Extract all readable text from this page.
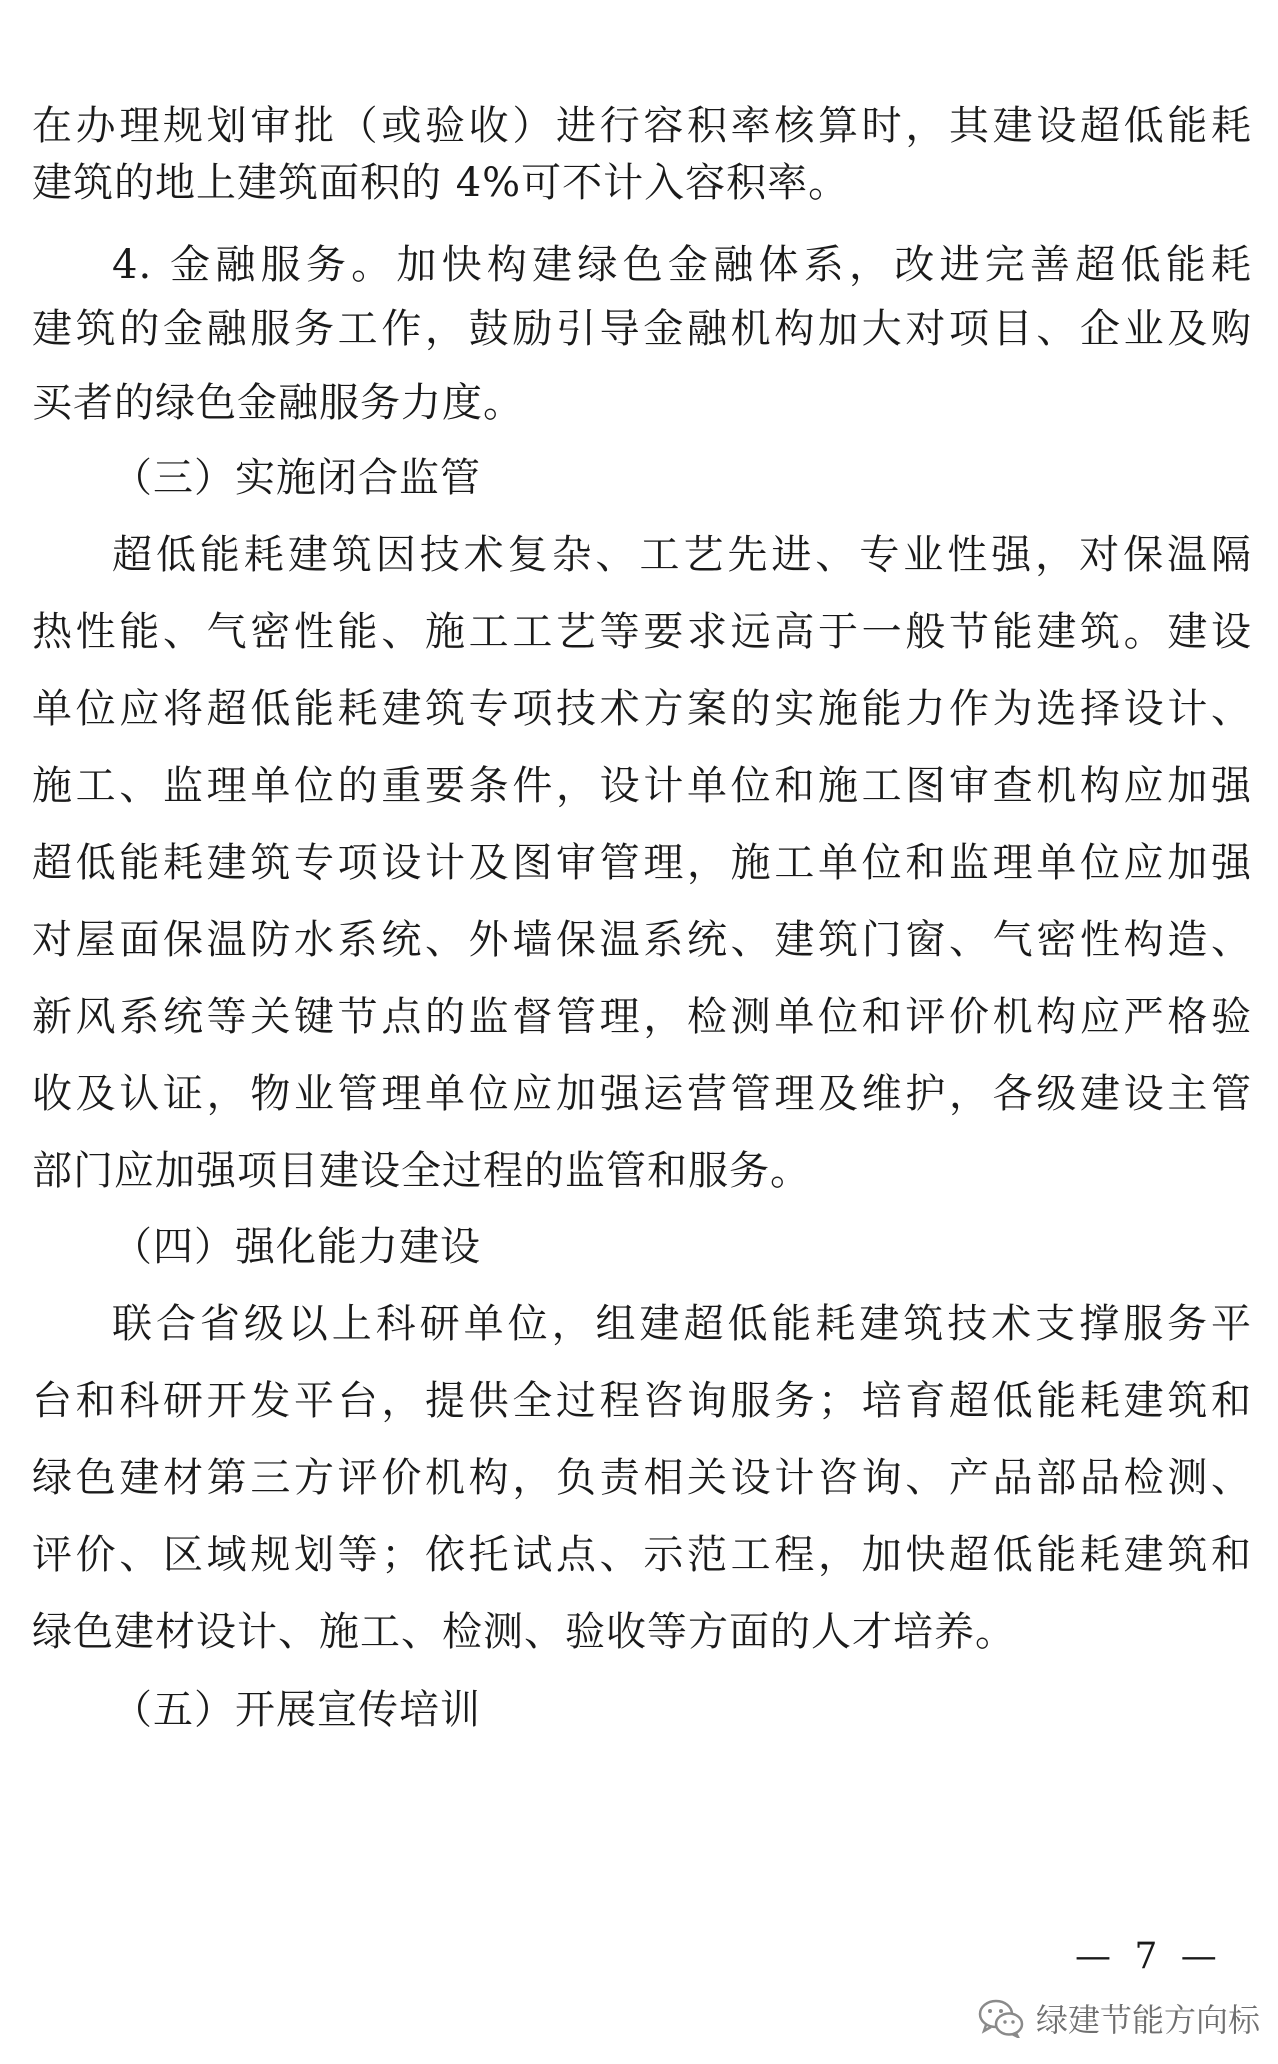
在办理规划审批（或验收）进行容积率核算时，其建设超低能耗
建筑的地上建筑面积的 4%可不计入容积率。
4. 金融服务。加快构建绿色金融体系，改进完善超低能耗
建筑的金融服务工作，鼓励引导金融机构加大对项目、企业及购
买者的绿色金融服务力度。
（三）实施闭合监管
超低能耗建筑因技术复杂、工艺先进、专业性强，对保温隔
热性能、气密性能、施工工艺等要求远高于一般节能建筑。建设
单位应将超低能耗建筑专项技术方案的实施能力作为选择设计、
施工、监理单位的重要条件，设计单位和施工图审查机构应加强
超低能耗建筑专项设计及图审管理，施工单位和监理单位应加强
对屋面保温防水系统、外墙保温系统、建筑门窗、气密性构造、
新风系统等关键节点的监督管理，检测单位和评价机构应严格验
收及认证，物业管理单位应加强运营管理及维护，各级建设主管
部门应加强项目建设全过程的监管和服务。
（四）强化能力建设
联合省级以上科研单位，组建超低能耗建筑技术支撑服务平
台和科研开发平台，提供全过程咨询服务；培育超低能耗建筑和
绿色建材第三方评价机构，负责相关设计咨询、产品部品检测、
评价、区域规划等；依托试点、示范工程，加快超低能耗建筑和
绿色建材设计、施工、检测、验收等方面的人才培养。
（五）开展宣传培训
— 7 —
绿建节能方向标
